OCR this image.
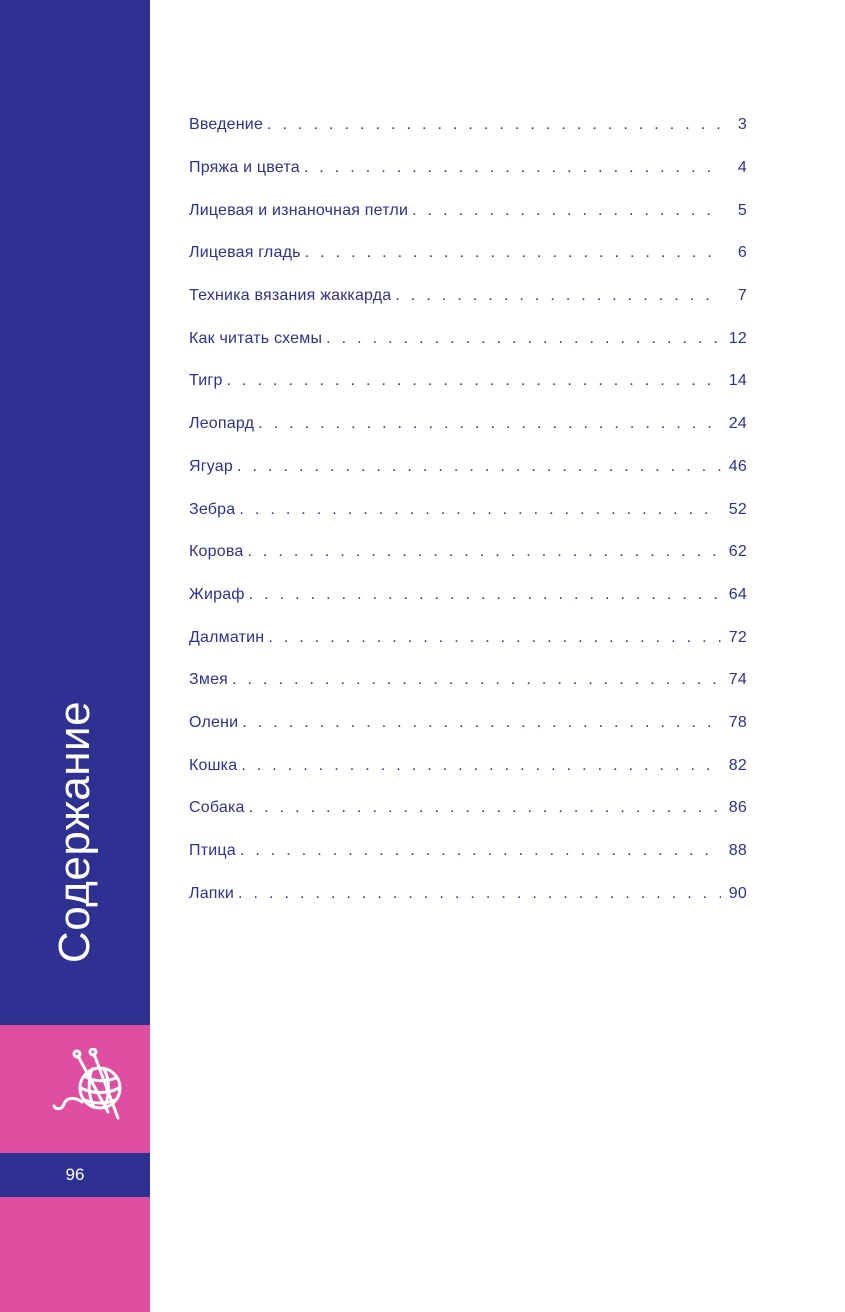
Содержание
96
Введение . . .	3
Пряжа и цвета . . .	4
Лицевая и изнаночная петли . . .	5
Лицевая гладь . . .	6
Техника вязания жаккарда . . .	7
Как читать схемы . . .	12
Тигр . . .	14
Леопард . . .	24
Ягуар . . .	46
Зебра . . .	52
Корова . . .	62
Жираф . . .	64
Далматин . . .	72
Змея . . .	74
Олени . . .	78
Кошка . . .	82
Собака . . .	86
Птица . . .	88
Лапки . . .	90
